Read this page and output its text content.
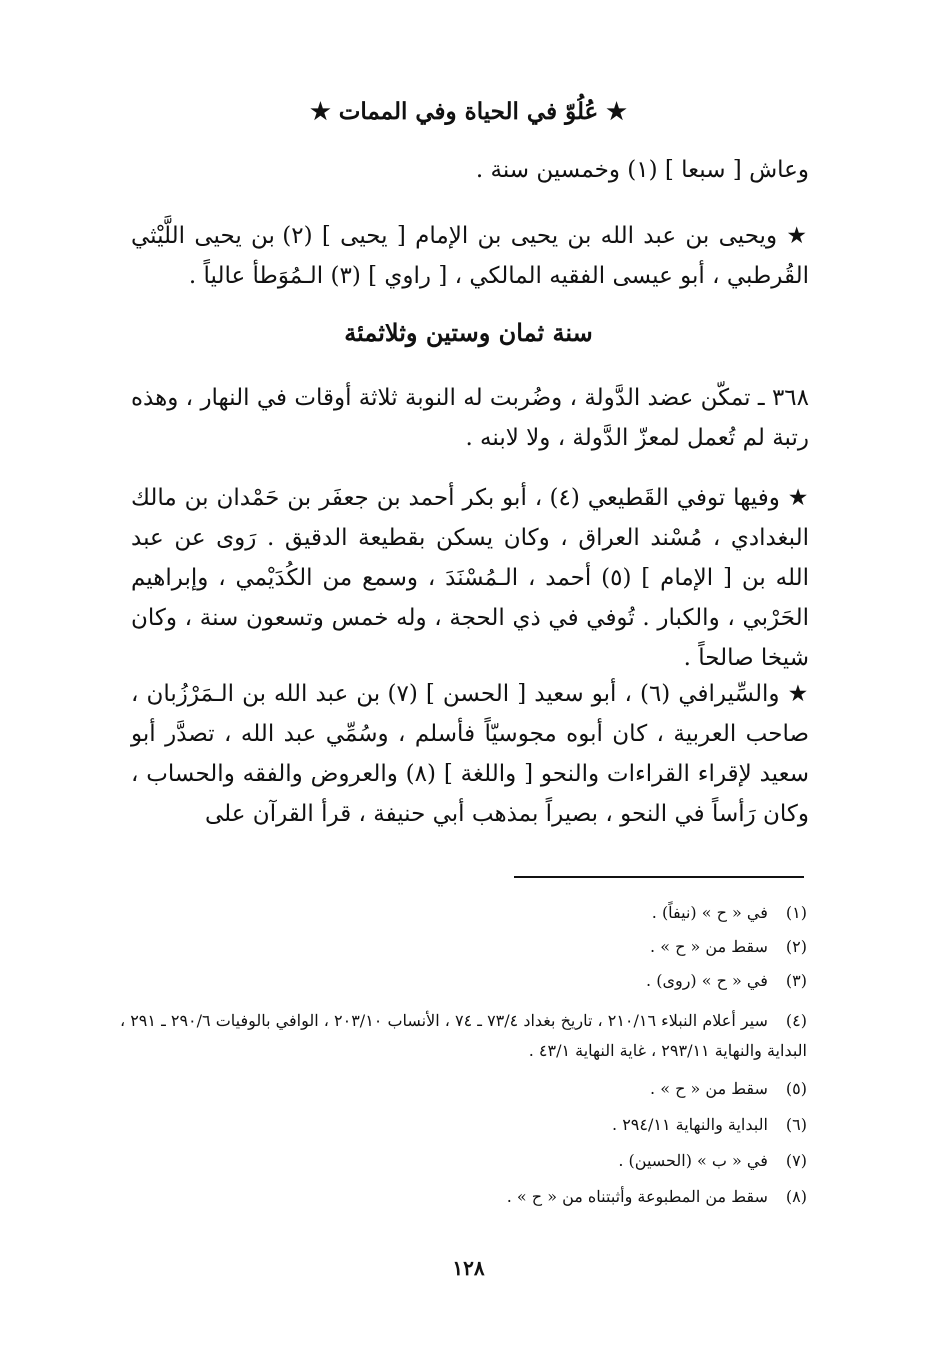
★ عُلُوّ في الحياة وفي الممات ★
وعاش [ سبعا ] (١) وخمسين سنة .
★ ويحيى بن عبد الله بن يحيى بن الإمام [ يحيى ] (٢) بن يحيى اللَّيْثي القُرطبي ، أبو عيسى الفقيه المالكي ، [ راوي ] (٣) الـمُوَطأ عالياً .
سنة ثمان وستين وثلاثمئة
٣٦٨ ـ تمكّن عضد الدَّولة ، وضُربت له النوبة ثلاثة أوقات في النهار ، وهذه رتبة لم تُعمل لمعزّ الدَّولة ، ولا لابنه .
★ وفيها توفي القَطيعي (٤) ، أبو بكر أحمد بن جعفَر بن حَمْدان بن مالك البغدادي ، مُسْند العراق ، وكان يسكن بقطيعة الدقيق . رَوى عن عبد الله بن [ الإمام ] (٥) أحمد ، الـمُسْنَدَ ، وسمع من الكُدَيْمي ، وإبراهيم الحَرْبي ، والكبار . تُوفي في ذي الحجة ، وله خمس وتسعون سنة ، وكان شيخا صالحاً .
★ والسِّيرافي (٦) ، أبو سعيد [ الحسن ] (٧) بن عبد الله بن الـمَرْزُبان ، صاحب العربية ، كان أبوه مجوسيّاً فأسلم ، وسُمِّي عبد الله ، تصدَّر أبو سعيد لإقراء القراءات والنحو [ واللغة ] (٨) والعروض والفقه والحساب ، وكان رَأساً في النحو ، بصيراً بمذهب أبي حنيفة ، قرأ القرآن على
(١) في « ح » (نيفاً) .
(٢) سقط من « ح » .
(٣) في « ح » (روى) .
(٤) سير أعلام النبلاء ٢١٠/١٦ ، تاريخ بغداد ٧٣/٤ ـ ٧٤ ، الأنساب ٢٠٣/١٠ ، الوافي بالوفيات ٢٩٠/٦ ـ ٢٩١ ، البداية والنهاية ٢٩٣/١١ ، غاية النهاية ٤٣/١ .
(٥) سقط من « ح » .
(٦) البداية والنهاية ٢٩٤/١١ .
(٧) في « ب » (الحسين) .
(٨) سقط من المطبوعة وأثبتناه من « ح » .
١٢٨
